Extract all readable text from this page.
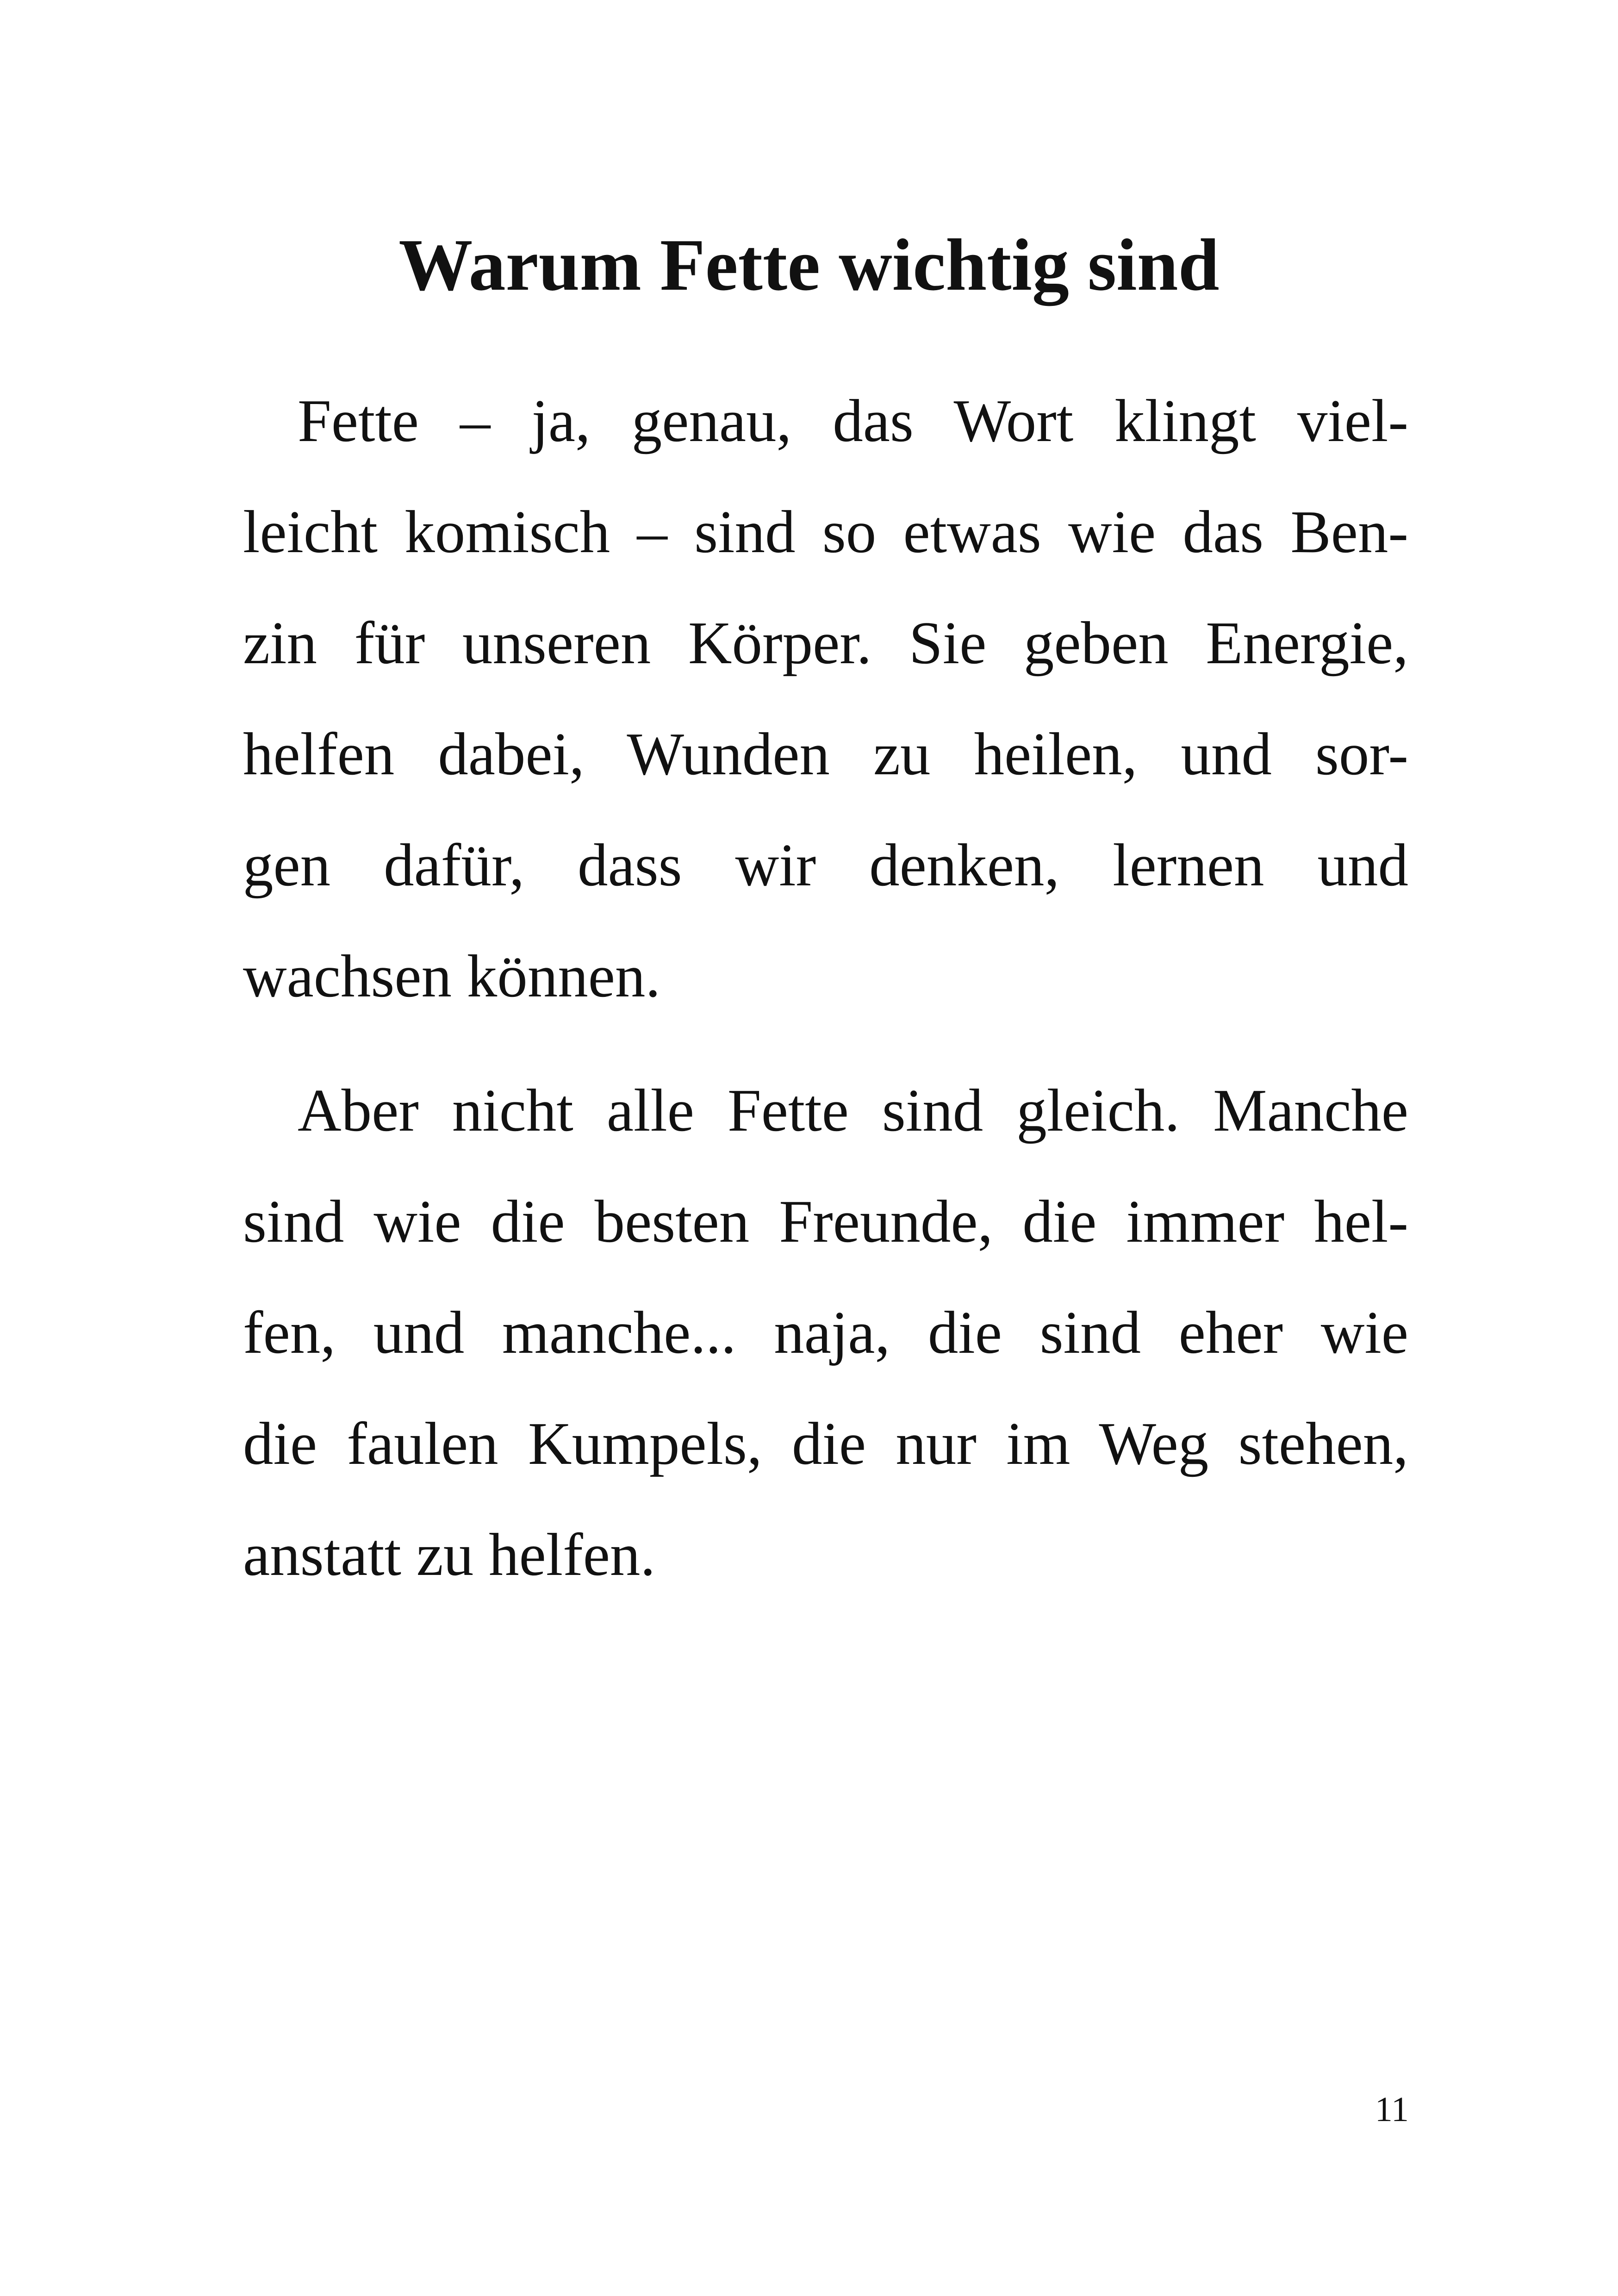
Warum Fette wichtig sind
Fette – ja, genau, das Wort klingt viel-
leicht komisch – sind so etwas wie das Ben-
zin für unseren Körper. Sie geben Energie,
helfen dabei, Wunden zu heilen, und sor-
gen dafür, dass wir denken, lernen und
wachsen können.
Aber nicht alle Fette sind gleich. Manche
sind wie die besten Freunde, die immer hel-
fen, und manche... naja, die sind eher wie
die faulen Kumpels, die nur im Weg stehen,
anstatt zu helfen.
11
